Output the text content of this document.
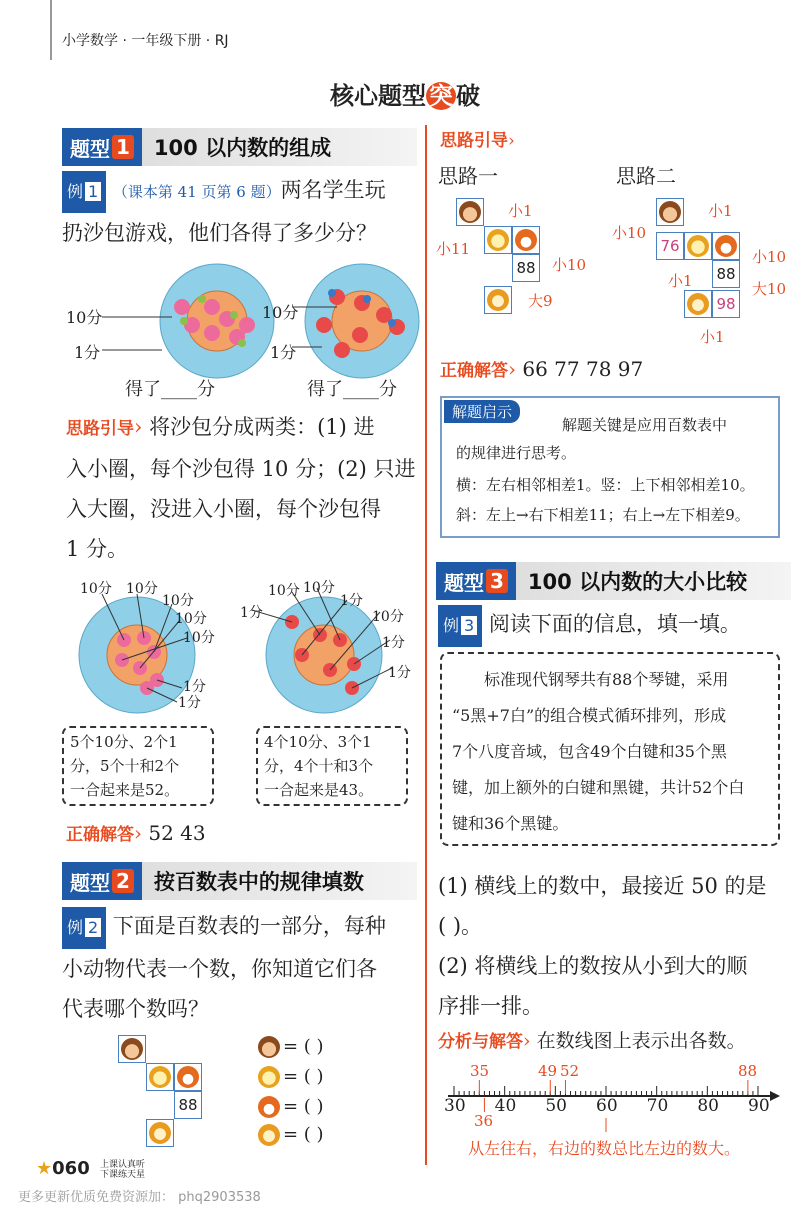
小学数学 · 一年级下册 · RJ
核心题型 突 破
题型 1 100 以内数的组成
例 1 （课本第 41 页第 6 题）两名学生玩
扔沙包游戏，他们各得了多少分？
10分
1分
10分
1分
得了____分	得了____分
思路引导› 将沙包分成两类：(1) 进
入小圈，每个沙包得 10 分；(2) 只进
入大圈，没进入小圈，每个沙包得
1 分。
10分 10分
10分
10分
10分
1分
1分
1分
10分 10分
1分
10分
1分
1分
5个10分、2个1
分，5个十和2个
一合起来是52。
4个10分、3个1
分，4个十和3个
一合起来是43。
正确解答› 52 43
题型 2 按百数表中的规律填数
例 2 下面是百数表的一部分，每种
小动物代表一个数，你知道它们各
代表哪个数吗？
88
= ( )
= ( )
= ( )
= ( )
思路引导›
思路一	思路二
88
小1
小11
小10
大9
76
88
98
小1
小10
小10
小1	大10
小1
正确解答› 66 77 78 97
解题启示
解题关键是应用百数表中
的规律进行思考。
横：左右相邻相差1。竖：上下相邻相差10。
斜：左上→右下相差11；右上→左下相差9。
题型 3 100 以内数的大小比较
例 3 阅读下面的信息，填一填。
标准现代钢琴共有88个琴键，采用
“5黑+7白”的组合模式循环排列，形成
7个八度音域，包含49个白键和35个黑
键，加上额外的白键和黑键，共计52个白
键和36个黑键。
(1) 横线上的数中，最接近 50 的是
( )。
(2) 将横线上的数按从小到大的顺
序排一排。
分析与解答› 在数线图上表示出各数。
30 40 50 60 70 80 90
35	49 52	88
36
从左往右，右边的数总比左边的数大。
★060 上课认真听
下课练天星
更多更新优质免费资源加： phq2903538
